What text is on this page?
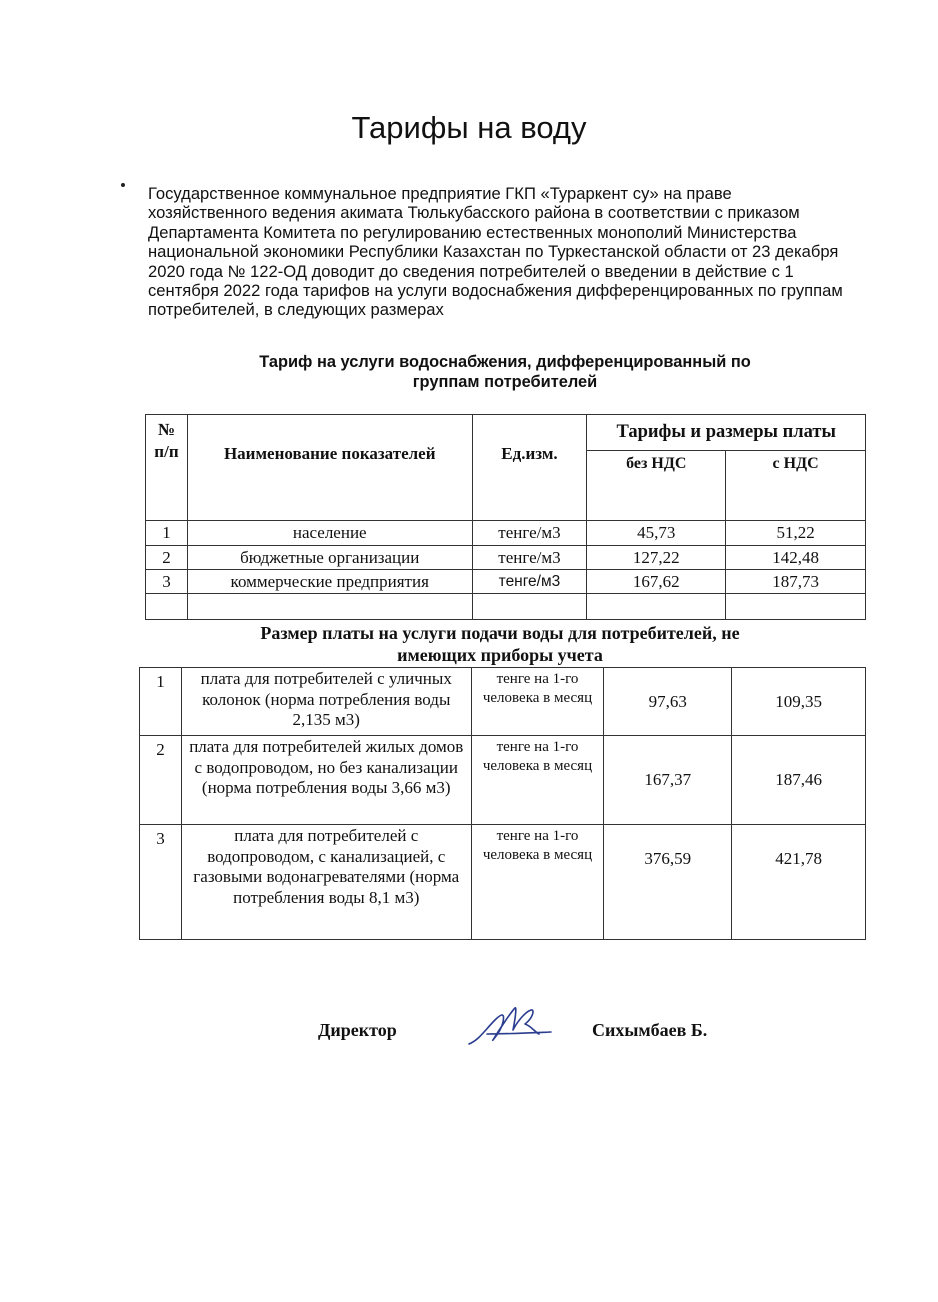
Тарифы на воду
Государственное коммунальное предприятие ГКП «Тураркент су» на праве хозяйственного ведения акимата Тюлькубасского района в соответствии с приказом Департамента Комитета по регулированию естественных монополий Министерства национальной экономики Республики Казахстан по Туркестанской области от 23 декабря 2020 года № 122-ОД доводит до сведения потребителей о введении в действие с 1 сентября 2022 года тарифов на услуги водоснабжения дифференцированных по группам потребителей, в следующих размерах
Тариф на услуги водоснабжения, дифференцированный по
группам потребителей
№
п/п	Наименование показателей	Ед.изм.	Тарифы и размеры платы	
			без НДС	с НДС
1	население	тенге/м3	45,73	51,22
2	бюджетные организации	тенге/м3	127,22	142,48
3	коммерческие предприятия	тенге/м3	167,62	187,73

Размер платы на услуги подачи воды для потребителей, не
имеющих приборы учета
1	плата для потребителей с уличных колонок (норма потребления воды 2,135 м3)	тенге на 1-го человека в месяц	97,63	109,35
2	плата для потребителей жилых домов с водопроводом, но без канализации (норма потребления воды 3,66 м3)	тенге на 1-го человека в месяц	167,37	187,46
3	плата для потребителей с водопроводом, с канализацией, с газовыми водонагревателями (норма потребления воды 8,1 м3)	тенге на 1-го человека в месяц	376,59	421,78
Директор	Сихымбаев Б.
